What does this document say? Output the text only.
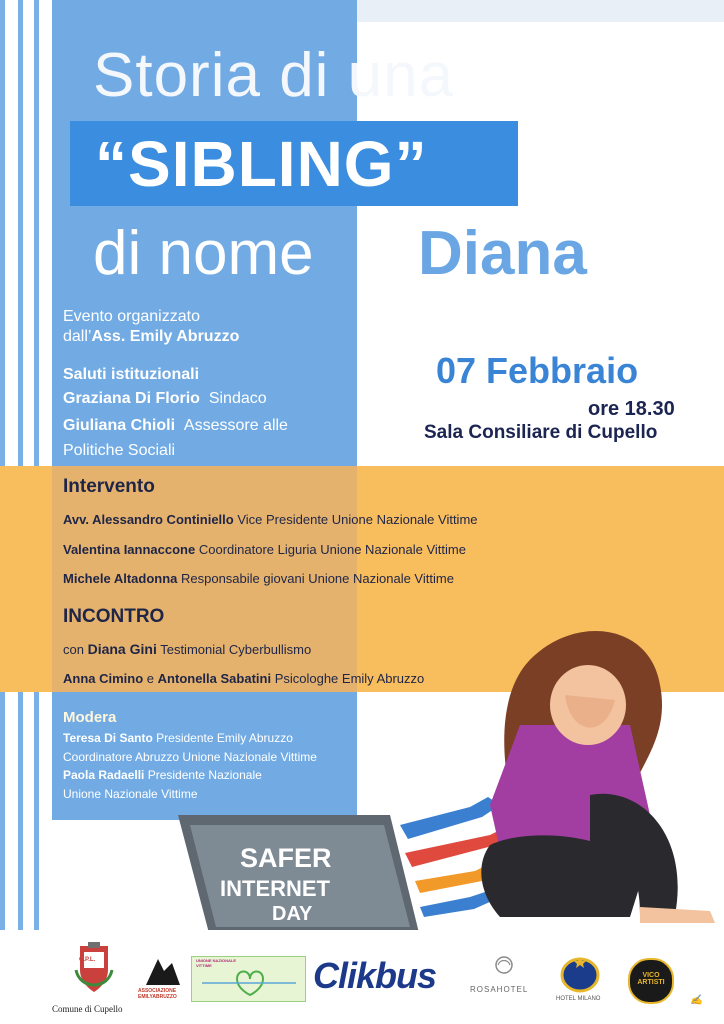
Storia di una
“SIBLING”
di nome Diana
Evento organizzato
dall’Ass. Emily Abruzzo
Saluti istituzionali
Graziana Di Florio Sindaco
Giuliana Chioli Assessore alle
Politiche Sociali
07 Febbraio
ore 18.30
Sala Consiliare di Cupello
Intervento
Avv. Alessandro Continiello Vice Presidente Unione Nazionale Vittime
Valentina Iannaccone Coordinatore Liguria Unione Nazionale Vittime
Michele Altadonna Responsabile giovani Unione Nazionale Vittime
INCONTRO
con Diana Gini Testimonial Cyberbullismo
Anna Cimino e Antonella Sabatini Psicologhe Emily Abruzzo
Modera
Teresa Di Santo Presidente Emily Abruzzo
Coordinatore Abruzzo Unione Nazionale Vittime
Paola Radaelli Presidente Nazionale
Unione Nazionale Vittime
SAFER
INTERNET
DAY
C.P.L.
Comune di Cupello
ASSOCIAZIONE EMILYABRUZZO
UNIONE NAZIONALE VITTIME	Clikbus	ROSAHOTEL
HOTEL MILANO
VICO ARTISTI
✍
